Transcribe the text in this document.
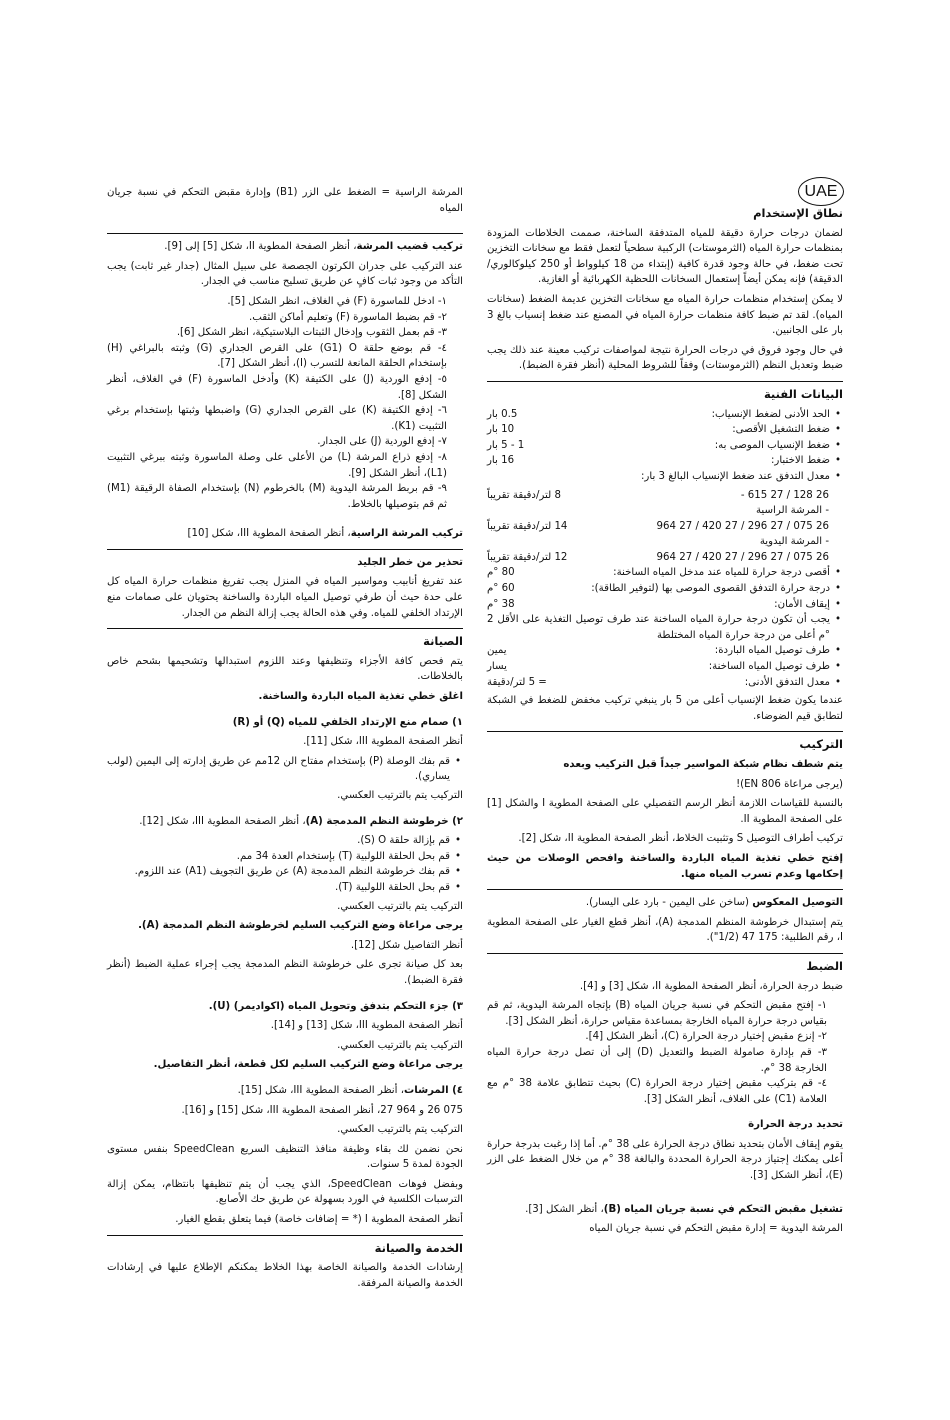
UAE
نطاق الإستخدام

لضمان درجات حرارة دقيقة للمياه المتدفقة الساخنة، صممت الخلاطات المزودة بمنظمات حرارة المياه (الثرموستات) الركبية سطحياً لتعمل فقط مع سخانات التخزين تحت ضغط، في حالة وجود قدرة كافية (إبتداء من 18 كيلوواط أو 250 كيلوكالوري/ الدقيقة) فإنه يمكن أيضاً إستعمال السخانات اللحظية الكهربائية أو الغازية.

لا يمكن إستخدام منظمات حرارة المياه مع سخانات التخزين عديمة الضغط (سخانات المياه). لقد تم ضبط كافة منظمات حرارة المياه في المصنع عند ضغط إنسياب بالغ 3 بار على الجانبين.

في حال وجود فروق في درجات الحرارة نتيجة لمواصفات تركيب معينة عند ذلك يجب ضبط وتعديل النظم (الثرموستات) وفقاً للشروط المحلية (أنظر فقرة الضبط).

البيانات الفنية
• الحد الأدنى لضغط الإنسياب:
0.5 بار
• ضغط التشغيل الأقصى:
10 بار
• ضغط الإنسياب الموصى به:
1 - 5 بار
• ضغط الاختبار:
16 بار
• معدل التدفق عند ضغط الإنسياب البالغ 3 بار:
26 128 / 27 615 -
8 لتر/دقيقة تقريباً
- المرشة الراسية
26 075 / 27 296 / 27 420 / 27 964
14 لتر/دقيقة تقريباً
- المرشة اليدوية
26 075 / 27 296 / 27 420 / 27 964
12 لتر/دقيقة تقريباً
• أقصى درجة حرارة للمياه عند مدخل المياه الساخنة:
80 °م
• درجة حرارة التدفق القصوى الموصى بها (لتوفير الطاقة):
60 °م
• إيقاف الأمان:
38 °م
• يجب أن تكون درجة حرارة المياه الساخنة عند طرف توصيل التغذية على الأقل 2 °م أعلى من درجة حرارة المياه المختلطة
• طرف توصيل المياه الباردة:
يمين
• طرف توصيل المياه الساخنة:
يسار
• معدل التدفق الأدنى:
= 5 لتر/دقيقة

عندما يكون ضغط الإنسياب أعلى من 5 بار ينبغي تركيب مخفض للضغط في الشبكة لتطابق قيم الضوضاء.

التركيب

يتم شطف نظام شبكة المواسير جيداً قبل التركيب وبعده

(يرجى مراعاة EN 806)!

بالنسبة للقياسات اللازمة أنظر الرسم التفصيلي على الصفحة المطوية I والشكل [1] على الصفحة المطوية II.

تركيب أطراف التوصيل S وتثبيت الخلاط، أنظر الصفحة المطوية II، شكل [2].

إفتح خطي تغذية المياه الباردة والساخنة وافحص الوصلات من حيث إحكامها وعدم تسرب المياه منها.

التوصيل المعكوس (ساخن على اليمين - بارد على اليسار).

يتم إستبدال خرطوشة المنظم المدمجة (A)، أنظر قطع الغيار على الصفحة المطوية I، رقم الطلبية: 175 47 (1/2").

الضبط

ضبط درجة الحرارة، أنظر الصفحة المطوية II، شكل [3] و [4].

١- إفتح مقبض التحكم في نسبة جريان المياه (B) بإتجاه المرشة اليدوية، ثم قم بقياس درجة حرارة المياه الخارجة بمساعدة مقياس حرارة، أنظر الشكل [3].
٢- إنزع مقبض إختيار درجة الحرارة (C)، أنظر الشكل [4].
٣- قم بإدارة صامولة الضبط والتعديل (D) إلى أن تصل درجة حرارة المياه الخارجة 38 °م.
٤- قم بتركيب مقبض إختيار درجة الحرارة (C) بحيث تتطابق علامة 38 °م مع العلامة (C1) على الغلاف، أنظر الشكل [3].

تحديد درجة الحرارة

يقوم إيقاف الأمان بتحديد نطاق درجة الحرارة على 38 °م. أما إذا رغبت بدرجة حرارة أعلى يمكنك إجتياز درجة الحرارة المحددة والبالغة 38 °م من خلال الضغط على الزر (E)، أنظر الشكل [3].

تشغيل مقبض التحكم في نسبة جريان المياه (B)، أنظر الشكل [3].

المرشة اليدوية = إدارة مقبض التحكم في نسبة جريان المياه

المرشة الراسية = الضغط على الزر (B1) وإدارة مقبض التحكم في نسبة جريان المياه

تركيب قضيب المرشة، أنظر الصفحة المطوية II، شكل [5] إلى [9].

عند التركيب على جدران الكرتون الجصصة على سبيل المثال (جدار غير ثابت) يجب التأكد من وجود ثبات كافٍ عن طريق تسليح مناسب في الجدار.

١- ادخل للماسورة (F) في الغلاف، انظر الشكل [5].
٢- قم بضبط الماسورة (F) وتعليم أماكن الثقب.
٣- قم بعمل الثقوب وإدخال الثبتات البلاستيكية، انظر الشكل [6].
٤- قم بوضع حلقة G1) O) على القرص الجداري (G) وثبته بالبراغي (H) بإستخدام الحلقة المانعة للتسرب (I)، أنظر الشكل [7].
٥- إدفع الوردية (J) على الكتيفة (K) وأدخل الماسورة (F) في الغلاف، أنظر الشكل [8].
٦- إدفع الكتيفة (K) على القرص الجداري (G) واضبطها وثبتها بإستخدام برغي التثبيت (K1).
٧- إدفع الوردية (J) على الجدار.
٨- إدفع ذراع المرشة (L) من الأعلى على وصلة الماسورة وثبته ببرغي التثبيت (L1)، أنظر الشكل [9].
٩- قم بربط المرشة اليدوية (M) بالخرطوم (N) بإستخدام الصفاة الرقيقة (M1) ثم قم بتوصيلها بالخلاط.

تركيب المرشة الراسية، أنظر الصفحة المطوية III، شكل [10]

تحذير من خطر الجليد

عند تفريغ أنابيب ومواسير المياه في المنزل يجب تفريغ منظمات حرارة المياه كل على حدة حيث أن طرفي توصيل المياه الباردة والساخنة يحتويان على صمامات منع الإرتداد الخلفي للمياه. وفي هذه الحالة يجب إزالة النظم من الجدار.

الصيانة

يتم فحص كافة الأجزاء وتنظيفها وعند اللزوم استبدالها وتشحيمها بشحم خاص بالخلاطات.

اغلق خطي تغذية المياه الباردة والساخنة.

١) صمام منع الإرتداد الخلفي للمياه (Q) أو (R)

أنظر الصفحة المطوية III، شكل [11].

• قم بفك الوصلة (P) بإستخدام مفتاح الن 12مم عن طريق إدارته إلى اليمين (لولب يساري).

التركيب يتم بالترتيب العكسي.

٢) خرطوشة النظم المدمجة (A)، أنظر الصفحة المطوية III، شكل [12].

• قم بإزالة حلقة S) O).
• قم بحل الحلقة اللولبية (T) بإستخدام العدة 34 مم.
• قم بفك خرطوشة النظم المدمجة (A) عن طريق التجويف (A1) عند اللزوم.
• قم بحل الحلقة اللولبية (T).

التركيب يتم بالترتيب العكسي.

يرجى مراعاة وضع التركيب السليم لخرطوشة النظم المدمجة (A).

أنظر التفاصيل شكل [12].

بعد كل صيانة تجرى على خرطوشة النظم المدمجة يجب إجراء عملية الضبط (أنظر فقرة الضبط).

٣) جزء التحكم بتدفق وتحويل المياه (اكواديمر) (U).

أنظر الصفحة المطوية III، شكل [13] و [14].

التركيب يتم بالترتيب العكسي.

يرجى مراعاة وضع التركيب السليم لكل قطعة، أنظر التفاصيل.

٤) المرشات، أنظر الصفحة المطوية III، شكل [15].

075 26 و 964 27، أنظر الصفحة المطوية III، شكل [15] و [16].

التركيب يتم بالترتيب العكسي.

نحن نضمن لك بقاء وظيفة منافذ التنظيف السريع SpeedClean بنفس مستوى الجودة لمدة 5 سنوات.

وبفضل فوهات SpeedClean، الذي يجب أن يتم تنظيفها بانتظام، يمكن إزالة الترسبات الكلسية في الورد بسهولة عن طريق حك الأصابع.

أنظر الصفحة المطوية I (* = إضافات خاصة) فيما يتعلق بقطع الغيار.

الخدمة والصيانة

إرشادات الخدمة والصيانة الخاصة بهذا الخلاط يمكنكم الإطلاع عليها في إرشادات الخدمة والصيانة المرفقة.
